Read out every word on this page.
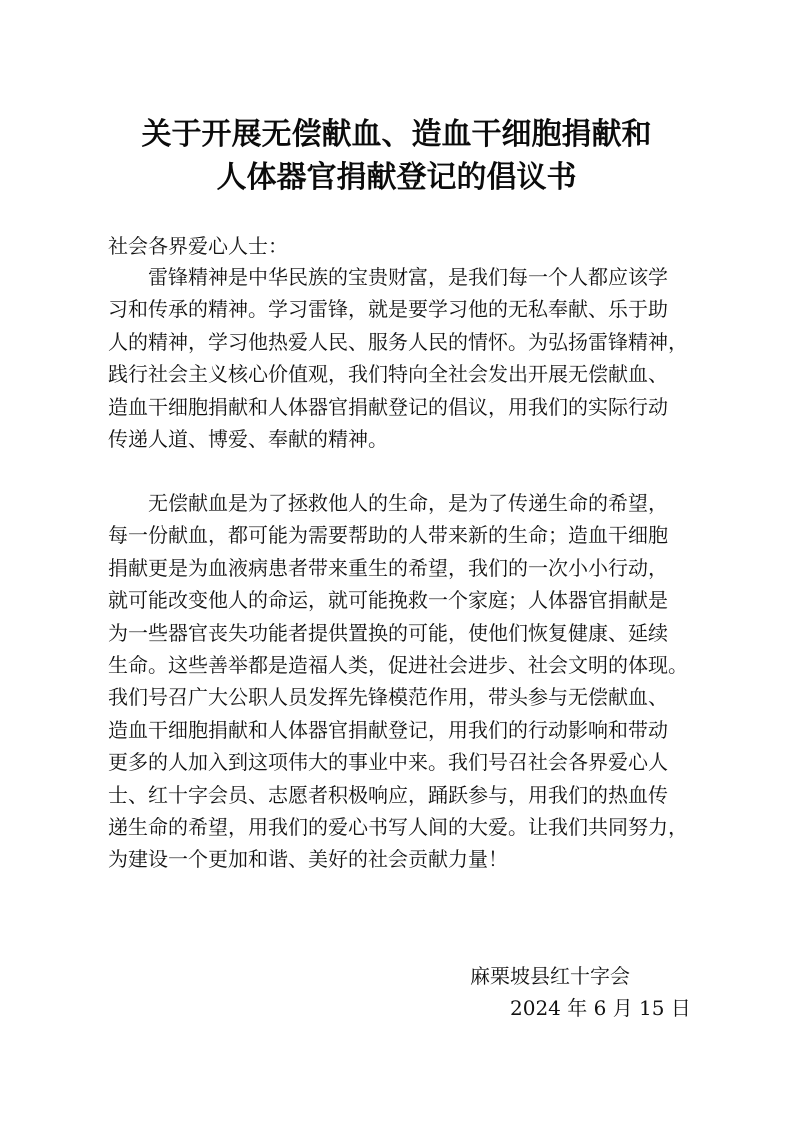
关于开展无偿献血、造血干细胞捐献和
人体器官捐献登记的倡议书
社会各界爱心人士：
　　雷锋精神是中华民族的宝贵财富，是我们每一个人都应该学
习和传承的精神。学习雷锋，就是要学习他的无私奉献、乐于助
人的精神，学习他热爱人民、服务人民的情怀。为弘扬雷锋精神，
践行社会主义核心价值观，我们特向全社会发出开展无偿献血、
造血干细胞捐献和人体器官捐献登记的倡议，用我们的实际行动
传递人道、博爱、奉献的精神。
　　无偿献血是为了拯救他人的生命，是为了传递生命的希望，
每一份献血，都可能为需要帮助的人带来新的生命；造血干细胞
捐献更是为血液病患者带来重生的希望，我们的一次小小行动，
就可能改变他人的命运，就可能挽救一个家庭；人体器官捐献是
为一些器官丧失功能者提供置换的可能，使他们恢复健康、延续
生命。这些善举都是造福人类，促进社会进步、社会文明的体现。
我们号召广大公职人员发挥先锋模范作用，带头参与无偿献血、
造血干细胞捐献和人体器官捐献登记，用我们的行动影响和带动
更多的人加入到这项伟大的事业中来。我们号召社会各界爱心人
士、红十字会员、志愿者积极响应，踊跃参与，用我们的热血传
递生命的希望，用我们的爱心书写人间的大爱。让我们共同努力，
为建设一个更加和谐、美好的社会贡献力量！
麻栗坡县红十字会
2024 年 6 月 15 日
